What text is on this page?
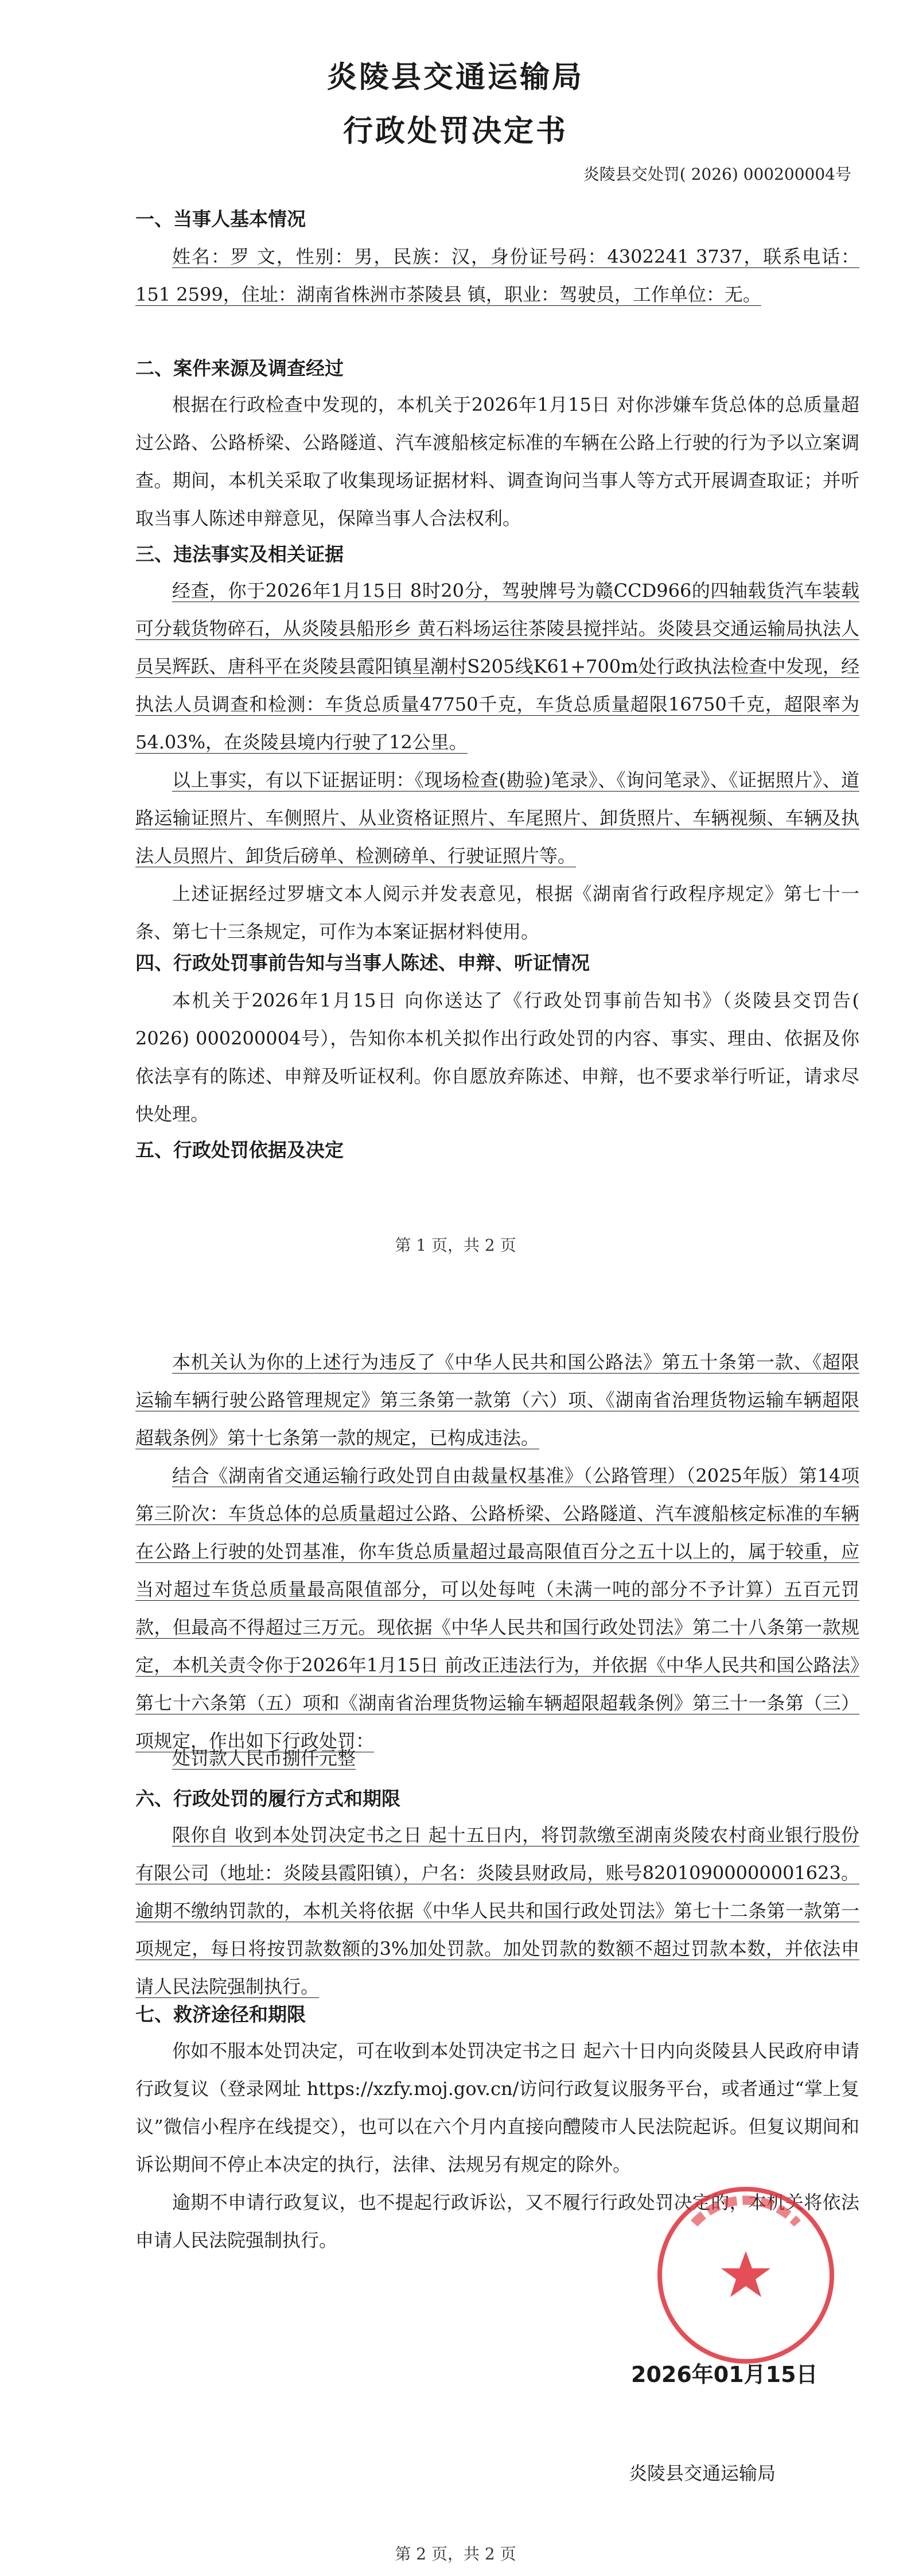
炎陵县交通运输局
行政处罚决定书
炎陵县交处罚( 2026) 000200004号
一、当事人基本情况

姓名：罗 文，性别：男，民族：汉，身份证号码：4302241 3737，联系电话：151 2599，住址：湖南省株洲市茶陵县 镇，职业：驾驶员，工作单位：无。

二、案件来源及调查经过

根据在行政检查中发现的，本机关于2026年1月15日 对你涉嫌车货总体的总质量超过公路、公路桥梁、公路隧道、汽车渡船核定标准的车辆在公路上行驶的行为予以立案调查。期间，本机关采取了收集现场证据材料、调查询问当事人等方式开展调查取证；并听取当事人陈述申辩意见，保障当事人合法权利。

三、违法事实及相关证据

经查，你于2026年1月15日 8时20分，驾驶牌号为赣CCD966的四轴载货汽车装载可分载货物碎石，从炎陵县船形乡 黄石料场运往茶陵县搅拌站。炎陵县交通运输局执法人员吴辉跃、唐科平在炎陵县霞阳镇星潮村S205线K61+700m处行政执法检查中发现，经执法人员调查和检测：车货总质量47750千克，车货总质量超限16750千克，超限率为54.03%，在炎陵县境内行驶了12公里。

以上事实，有以下证据证明：《现场检查(勘验)笔录》、《询问笔录》、《证据照片》、道路运输证照片、车侧照片、从业资格证照片、车尾照片、卸货照片、车辆视频、车辆及执法人员照片、卸货后磅单、检测磅单、行驶证照片等。

上述证据经过罗塘文本人阅示并发表意见，根据《湖南省行政程序规定》第七十一条、第七十三条规定，可作为本案证据材料使用。

四、行政处罚事前告知与当事人陈述、申辩、听证情况

本机关于2026年1月15日 向你送达了《行政处罚事前告知书》（炎陵县交罚告( 2026) 000200004号），告知你本机关拟作出行政处罚的内容、事实、理由、依据及你依法享有的陈述、申辩及听证权利。你自愿放弃陈述、申辩，也不要求举行听证，请求尽快处理。

五、行政处罚依据及决定
第 1 页，共 2 页

本机关认为你的上述行为违反了《中华人民共和国公路法》第五十条第一款、《超限运输车辆行驶公路管理规定》第三条第一款第（六）项、《湖南省治理货物运输车辆超限超载条例》第十七条第一款的规定，已构成违法。

结合《湖南省交通运输行政处罚自由裁量权基准》（公路管理）（2025年版）第14项第三阶次：车货总体的总质量超过公路、公路桥梁、公路隧道、汽车渡船核定标准的车辆在公路上行驶的处罚基准，你车货总质量超过最高限值百分之五十以上的，属于较重，应当对超过车货总质量最高限值部分，可以处每吨（未满一吨的部分不予计算）五百元罚款，但最高不得超过三万元。现依据《中华人民共和国行政处罚法》第二十八条第一款规定，本机关责令你于2026年1月15日 前改正违法行为，并依据《中华人民共和国公路法》第七十六条第（五）项和《湖南省治理货物运输车辆超限超载条例》第三十一条第（三）项规定，作出如下行政处罚：

处罚款人民币捌仟元整

六、行政处罚的履行方式和期限

限你自 收到本处罚决定书之日 起十五日内，将罚款缴至湖南炎陵农村商业银行股份有限公司（地址：炎陵县霞阳镇），户名：炎陵县财政局，账号82010900000001623。逾期不缴纳罚款的，本机关将依据《中华人民共和国行政处罚法》第七十二条第一款第一项规定，每日将按罚款数额的3%加处罚款。加处罚款的数额不超过罚款本数，并依法申请人民法院强制执行。

七、救济途径和期限

你如不服本处罚决定，可在收到本处罚决定书之日 起六十日内向炎陵县人民政府申请行政复议（登录网址 https://xzfy.moj.gov.cn/访问行政复议服务平台，或者通过“掌上复议”微信小程序在线提交），也可以在六个月内直接向醴陵市人民法院起诉。但复议期间和诉讼期间不停止本决定的执行，法律、法规另有规定的除外。

逾期不申请行政复议，也不提起行政诉讼，又不履行行政处罚决定的，本机关将依法申请人民法院强制执行。

2026年01月15日
炎陵县交通运输局
第 2 页，共 2 页
